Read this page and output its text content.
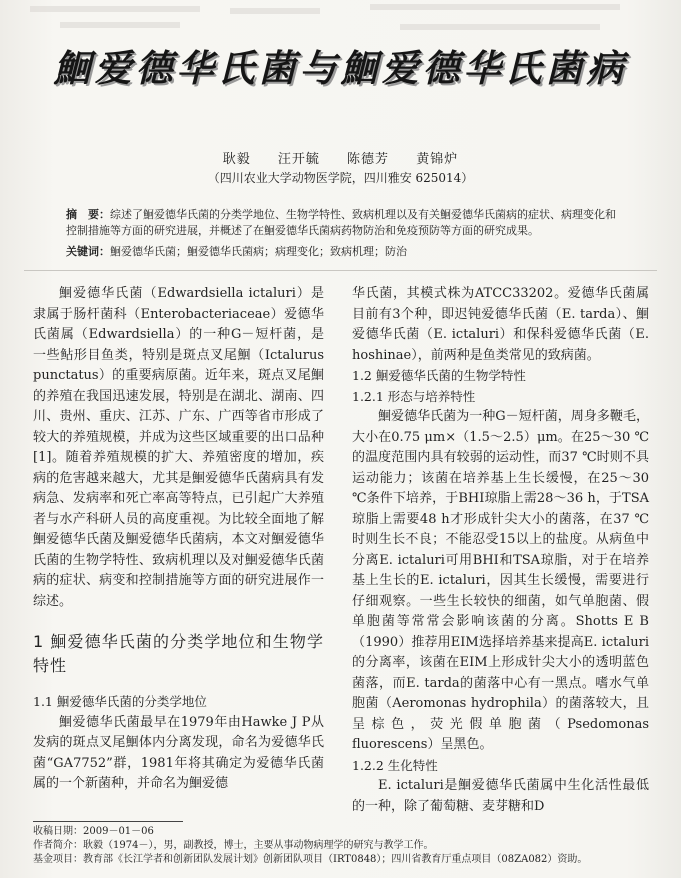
鮰爱德华氏菌与鮰爱德华氏菌病
耿毅 汪开毓 陈德芳 黄锦炉
（四川农业大学动物医学院，四川雅安 625014）
摘　要：综述了鮰爱德华氏菌的分类学地位、生物学特性、致病机理以及有关鮰爱德华氏菌病的症状、病理变化和控制措施等方面的研究进展，并概述了在鮰爱德华氏菌病药物防治和免疫预防等方面的研究成果。
关键词：鮰爱德华氏菌；鮰爱德华氏菌病；病理变化；致病机理；防治

鮰爱德华氏菌（Edwardsiella ictaluri）是隶属于肠杆菌科（Enterobacteriaceae）爱德华氏菌属（Edwardsiella）的一种G－短杆菌，是一些鲇形目鱼类，特别是斑点叉尾鮰（Ictalurus punctatus）的重要病原菌。近年来，斑点叉尾鮰的养殖在我国迅速发展，特别是在湖北、湖南、四川、贵州、重庆、江苏、广东、广西等省市形成了较大的养殖规模，并成为这些区域重要的出口品种[1]。随着养殖规模的扩大、养殖密度的增加，疾病的危害越来越大，尤其是鮰爱德华氏菌病具有发病急、发病率和死亡率高等特点，已引起广大养殖者与水产科研人员的高度重视。为比较全面地了解鮰爱德华氏菌及鮰爱德华氏菌病，本文对鮰爱德华氏菌的生物学特性、致病机理以及对鮰爱德华氏菌病的症状、病变和控制措施等方面的研究进展作一综述。

1 鮰爱德华氏菌的分类学地位和生物学特性

1.1 鮰爱德华氏菌的分类学地位

鮰爱德华氏菌最早在1979年由Hawke J P从发病的斑点叉尾鮰体内分离发现，命名为爱德华氏菌“GA7752”群，1981年将其确定为爱德华氏菌属的一个新菌种，并命名为鮰爱德

华氏菌，其模式株为ATCC33202。爱德华氏菌属目前有3个种，即迟钝爱德华氏菌（E. tarda）、鮰爱德华氏菌（E. ictaluri）和保科爱德华氏菌（E. hoshinae），前两种是鱼类常见的致病菌。

1.2 鮰爱德华氏菌的生物学特性

1.2.1 形态与培养特性

鮰爱德华氏菌为一种G－短杆菌，周身多鞭毛，大小在0.75 μm×（1.5～2.5）μm。在25～30 ℃的温度范围内具有较弱的运动性，而37 ℃时则不具运动能力；该菌在培养基上生长缓慢，在25～30 ℃条件下培养，于BHI琼脂上需28～36 h，于TSA琼脂上需要48 h才形成针尖大小的菌落，在37 ℃时则生长不良；不能忍受15以上的盐度。从病鱼中分离E. ictaluri可用BHI和TSA琼脂，对于在培养基上生长的E. ictaluri，因其生长缓慢，需要进行仔细观察。一些生长较快的细菌，如气单胞菌、假单胞菌等常常会影响该菌的分离。Shotts E B（1990）推荐用EIM选择培养基来提高E. ictaluri的分离率，该菌在EIM上形成针尖大小的透明蓝色菌落，而E. tarda的菌落中心有一黑点。嗜水气单胞菌（Aeromonas hydrophila）的菌落较大，且呈棕色，荧光假单胞菌（Psedomonas fluorescens）呈黑色。

1.2.2 生化特性

E. ictaluri是鮰爱德华氏菌属中生化活性最低的一种，除了葡萄糖、麦芽糖和D

收稿日期：2009－01－06
作者简介：耿毅（1974－），男，副教授，博士，主要从事动物病理学的研究与教学工作。
基金项目：教育部《长江学者和创新团队发展计划》创新团队项目（IRT0848）；四川省教育厅重点项目（08ZA082）资助。
